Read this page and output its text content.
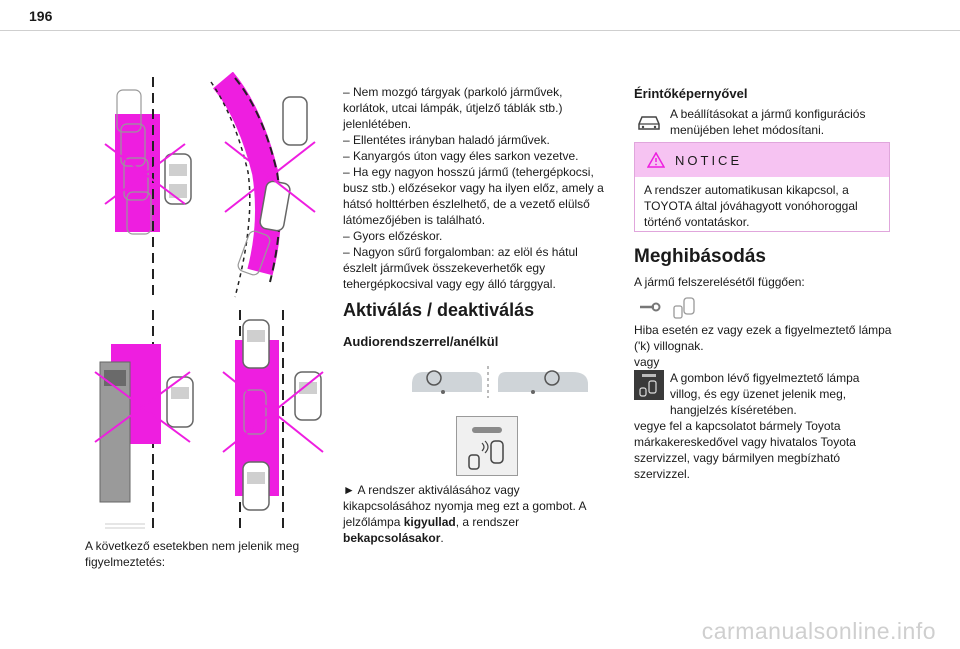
196
A következő esetekben nem jelenik meg figyelmeztetés:

– Nem mozgó tárgyak (parkoló járművek, korlátok, utcai lámpák, útjelző táblák stb.) jelenlétében.

– Ellentétes irányban haladó járművek.

– Kanyargós úton vagy éles sarkon vezetve.

– Ha egy nagyon hosszú jármű (tehergépkocsi, busz stb.) előzésekor vagy ha ilyen előz, amely a hátsó holttérben észlelhető, de a vezető elülső látómezőjében is található.

– Gyors előzéskor.

– Nagyon sűrű forgalomban: az elöl és hátul észlelt járművek összekeverhetők egy tehergépkocsival vagy egy álló tárggyal.

Aktiválás / deaktiválás
Audiorendszerrel/anélkül
► A rendszer aktiválásához vagy kikapcsolásához nyomja meg ezt a gombot. A jelzőlámpa kigyullad, a rendszer bekapcsolásakor.
Érintőképernyővel
A beállításokat a jármű konfigurációs menüjében lehet módosítani.
NOTICE
A rendszer automatikusan kikapcsol, a TOYOTA által jóváhagyott vonóhoroggal történő vontatáskor.
Meghibásodás
A jármű felszerelésétől függően:
Hiba esetén ez vagy ezek a figyelmeztető lámpa ('k) villognak.
vagy
A gombon lévő figyelmeztető lámpa villog, és egy üzenet jelenik meg, hangjelzés kíséretében.
vegye fel a kapcsolatot bármely Toyota márkakereskedővel vagy hivatalos Toyota szervizzel, vagy bármilyen megbízható szervizzel.
carmanualsonline.info
